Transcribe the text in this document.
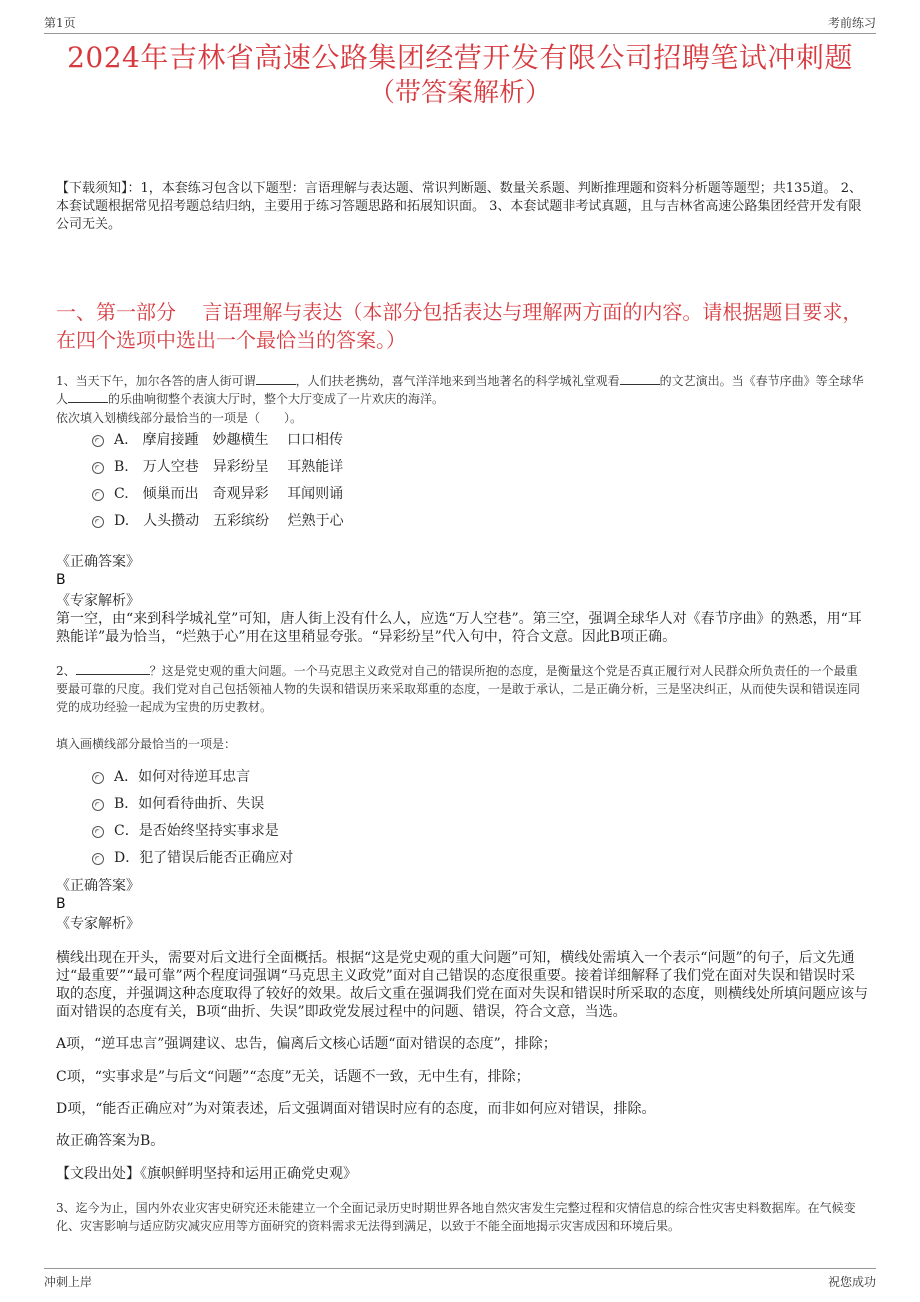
第1页	考前练习
2024年吉林省高速公路集团经营开发有限公司招聘笔试冲刺题
（带答案解析）
【下载须知】：1，本套练习包含以下题型：言语理解与表达题、常识判断题、数量关系题、判断推理题和资料分析题等题型；共135道。 2、本套试题根据常见招考题总结归纳，主要用于练习答题思路和拓展知识面。 3、本套试题非考试真题，且与吉林省高速公路集团经营开发有限公司无关。
一、第一部分　 言语理解与表达（本部分包括表达与理解两方面的内容。请根据题目要求，在四个选项中选出一个最恰当的答案。）
1、当天下午，加尔各答的唐人街可谓	，人们扶老携幼，喜气洋洋地来到当地著名的科学城礼堂观看	的文艺演出。当《春节序曲》等全球华人	的乐曲响彻整个表演大厅时，整个大厅变成了一片欢庆的海洋。
依次填入划横线部分最恰当的一项是（　　）。

A.　摩肩接踵　妙趣横生　 口口相传

B.　万人空巷　异彩纷呈　 耳熟能详

C.　倾巢而出　奇观异彩　 耳闻则诵

D.　人头攒动　五彩缤纷　 烂熟于心

《正确答案》
B
《专家解析》
第一空，由“来到科学城礼堂”可知，唐人街上没有什么人，应选“万人空巷”。第三空，强调全球华人对《春节序曲》的熟悉，用“耳熟能详”最为恰当，“烂熟于心”用在这里稍显夸张。“异彩纷呈”代入句中，符合文意。因此B项正确。
2、	？这是党史观的重大问题。一个马克思主义政党对自己的错误所抱的态度，是衡量这个党是否真正履行对人民群众所负责任的一个最重要最可靠的尺度。我们党对自己包括领袖人物的失误和错误历来采取郑重的态度，一是敢于承认，二是正确分析，三是坚决纠正，从而使失误和错误连同党的成功经验一起成为宝贵的历史教材。
填入画横线部分最恰当的一项是：

A．如何对待逆耳忠言

B．如何看待曲折、失误

C．是否始终坚持实事求是

D．犯了错误后能否正确应对

《正确答案》
B
《专家解析》
横线出现在开头，需要对后文进行全面概括。根据“这是党史观的重大问题”可知，横线处需填入一个表示“问题”的句子，后文先通过“最重要”“最可靠”两个程度词强调“马克思主义政党”面对自己错误的态度很重要。接着详细解释了我们党在面对失误和错误时采取的态度，并强调这种态度取得了较好的效果。故后文重在强调我们党在面对失误和错误时所采取的态度，则横线处所填问题应该与面对错误的态度有关，B项“曲折、失误”即政党发展过程中的问题、错误，符合文意，当选。
A项，“逆耳忠言”强调建议、忠告，偏离后文核心话题“面对错误的态度”，排除；
C项，“实事求是”与后文“问题”“态度”无关，话题不一致，无中生有，排除；
D项，“能否正确应对”为对策表述，后文强调面对错误时应有的态度，而非如何应对错误，排除。
故正确答案为B。
【文段出处】《旗帜鲜明坚持和运用正确党史观》
3、迄今为止，国内外农业灾害史研究还未能建立一个全面记录历史时期世界各地自然灾害发生完整过程和灾情信息的综合性灾害史料数据库。在气候变化、灾害影响与适应防灾减灾应用等方面研究的资料需求无法得到满足，以致于不能全面地揭示灾害成因和环境后果。
冲刺上岸	祝您成功
